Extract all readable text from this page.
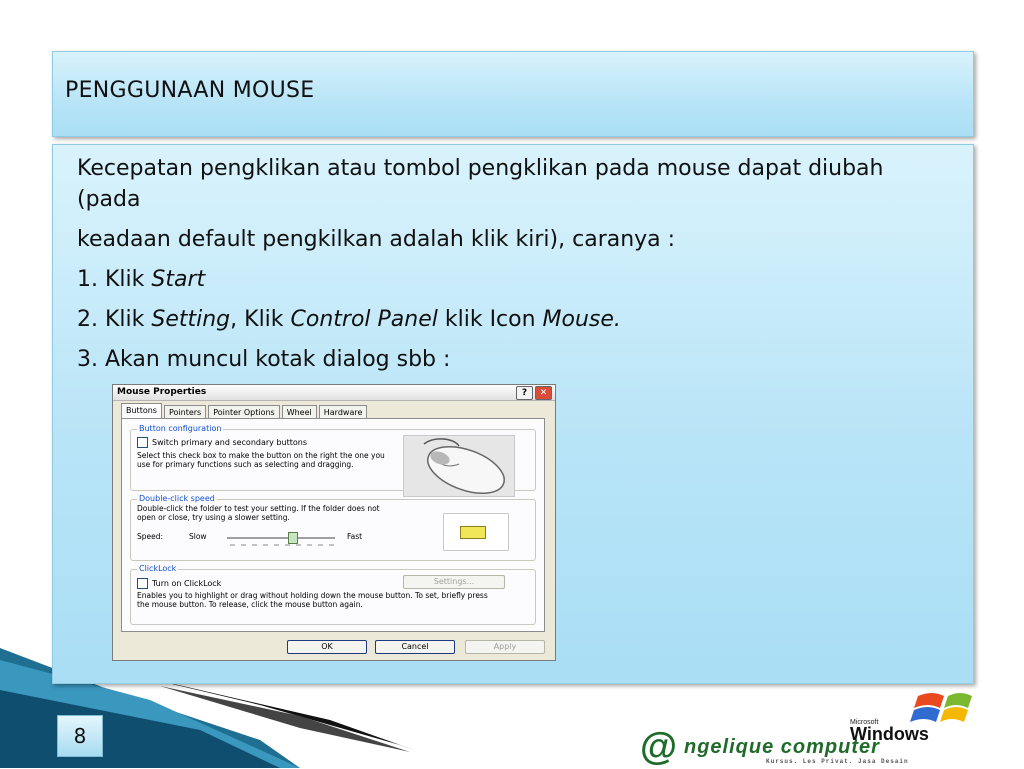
PENGGUNAAN MOUSE

Kecepatan pengklikan atau tombol pengklikan pada mouse dapat diubah (pada

keadaan default pengkilkan adalah klik kiri), caranya :

1. Klik Start

2. Klik Setting, Klik Control Panel klik Icon Mouse.

3. Akan muncul kotak dialog sbb :

Mouse Properties	?	✕
Buttons	Pointers	Pointer Options	Wheel	Hardware
Button configuration
Switch primary and secondary buttons
Select this check box to make the button on the right the one you use for primary functions such as selecting and dragging.
Double-click speed
Double-click the folder to test your setting. If the folder does not open or close, try using a slower setting.
Speed:	Slow	Fast
ClickLock
Turn on ClickLock	Settings...
Enables you to highlight or drag without holding down the mouse button. To set, briefly press the mouse button. To release, click the mouse button again.
OK	Cancel	Apply
8
Microsoft
Windows
@ ngelique computer
Kursus. Les Privat. Jasa Desain
